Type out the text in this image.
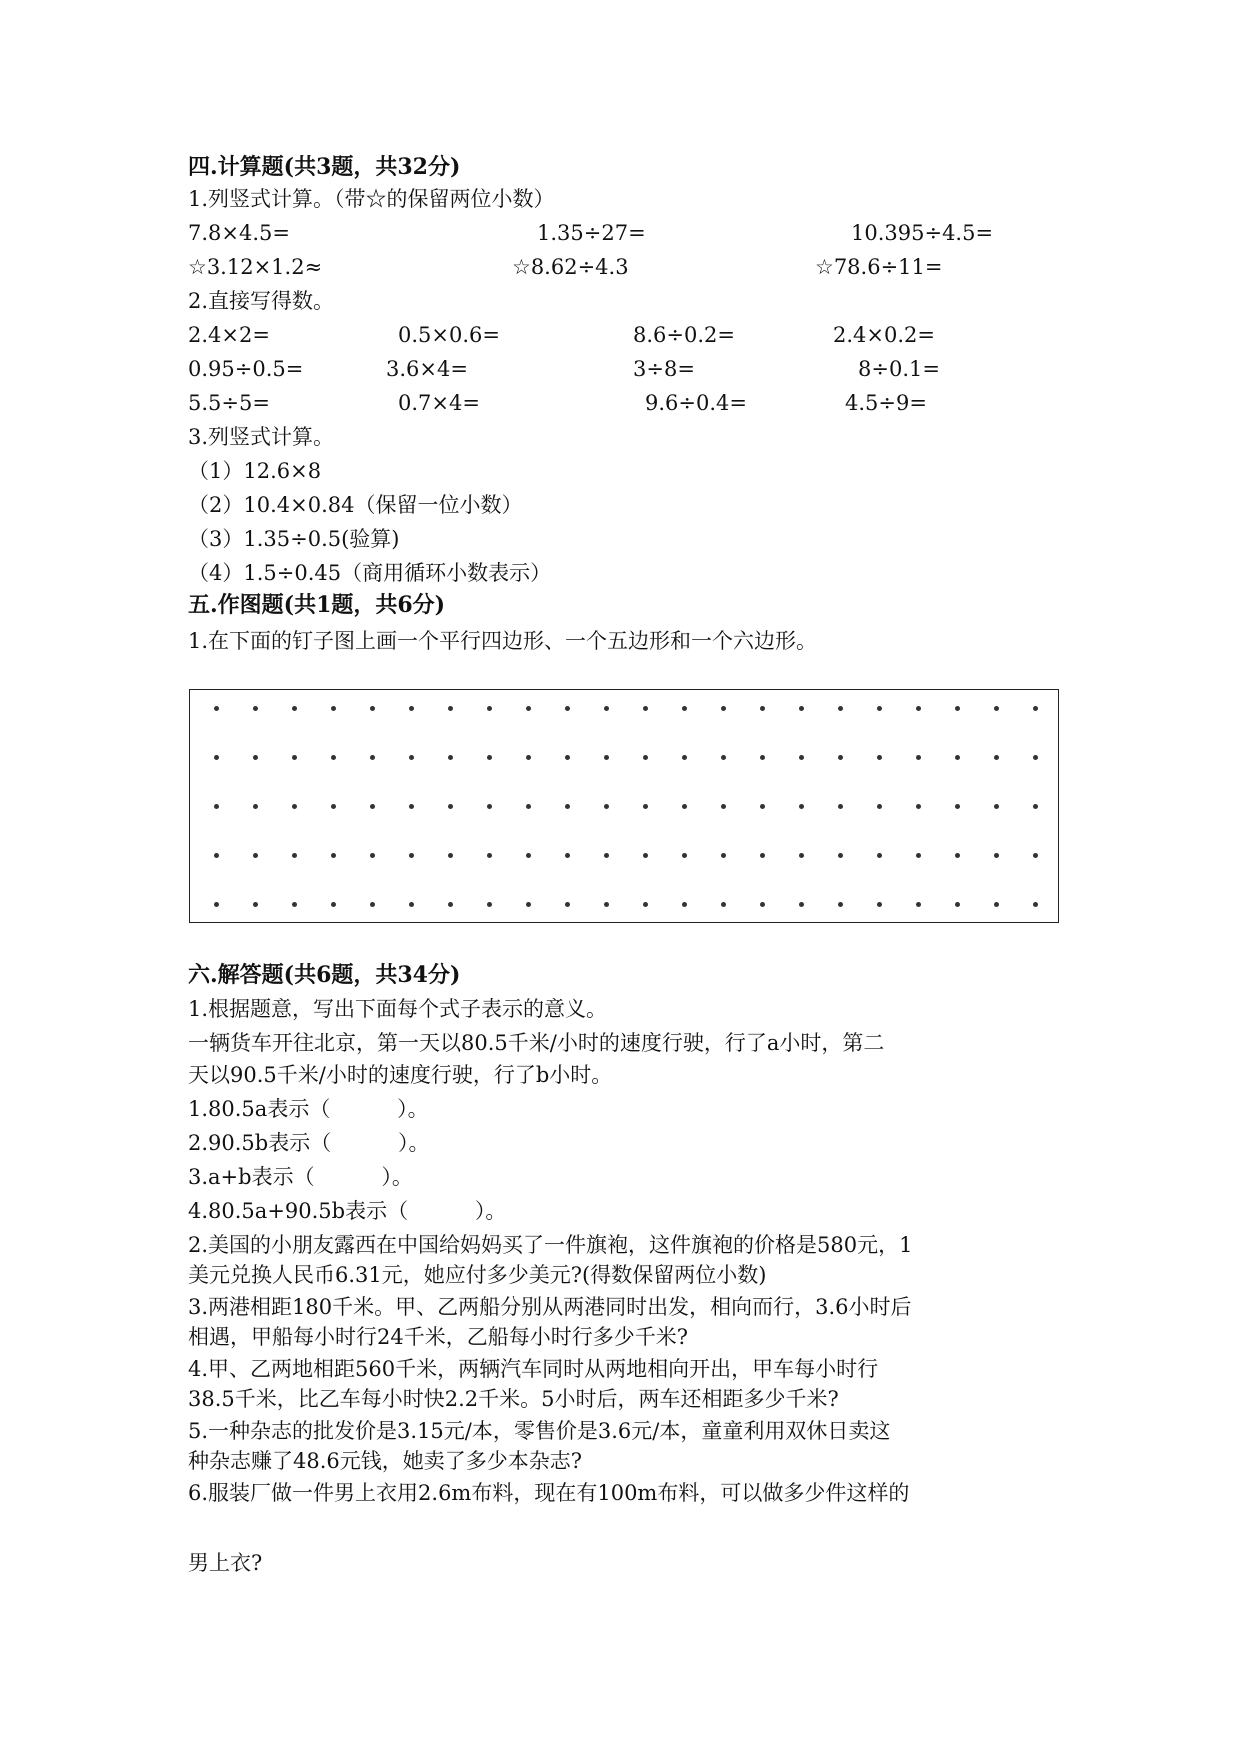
四.计算题(共3题，共32分)
1.列竖式计算。（带☆的保留两位小数）
7.8×4.5=	1.35÷27=	10.395÷4.5=
☆3.12×1.2≈	☆8.62÷4.3	☆78.6÷11=
2.直接写得数。
2.4×2=	0.5×0.6=	8.6÷0.2=	2.4×0.2=
0.95÷0.5=	3.6×4=	3÷8=	8÷0.1=
5.5÷5=	0.7×4=	9.6÷0.4=	4.5÷9=
3.列竖式计算。
（1）12.6×8
（2）10.4×0.84（保留一位小数）
（3）1.35÷0.5(验算)
（4）1.5÷0.45（商用循环小数表示）
五.作图题(共1题，共6分)
1.在下面的钉子图上画一个平行四边形、一个五边形和一个六边形。
六.解答题(共6题，共34分)
1.根据题意，写出下面每个式子表示的意义。
一辆货车开往北京，第一天以80.5千米/小时的速度行驶，行了a小时，第二
天以90.5千米/小时的速度行驶，行了b小时。
1.80.5a表示（          ）。
2.90.5b表示（          ）。
3.a+b表示（          ）。
4.80.5a+90.5b表示（          ）。
2.美国的小朋友露西在中国给妈妈买了一件旗袍，这件旗袍的价格是580元，1
美元兑换人民币6.31元，她应付多少美元?(得数保留两位小数)
3.两港相距180千米。甲、乙两船分别从两港同时出发，相向而行，3.6小时后
相遇，甲船每小时行24千米，乙船每小时行多少千米?
4.甲、乙两地相距560千米，两辆汽车同时从两地相向开出，甲车每小时行
38.5千米，比乙车每小时快2.2千米。5小时后，两车还相距多少千米?
5.一种杂志的批发价是3.15元/本，零售价是3.6元/本，童童利用双休日卖这
种杂志赚了48.6元钱，她卖了多少本杂志?
6.服装厂做一件男上衣用2.6m布料，现在有100m布料，可以做多少件这样的
男上衣?
